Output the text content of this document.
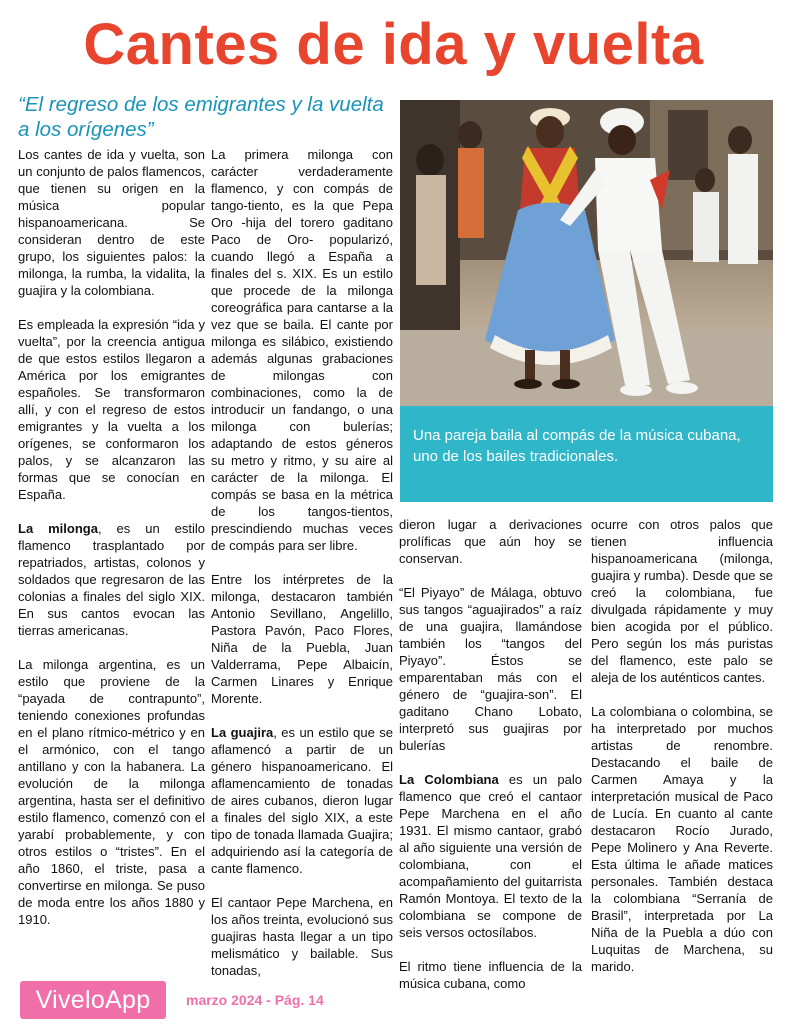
Cantes de ida y vuelta
“El regreso de los emigrantes y la vuelta a los orígenes”

Los cantes de ida y vuelta, son un conjunto de palos flamencos, que tienen su origen en la música popular hispanoamericana. Se consideran dentro de este grupo, los siguientes palos: la milonga, la rumba, la vidalita, la guajira y la colombiana.

Es empleada la expresión “ida y vuelta”, por la creencia antigua de que estos estilos llegaron a América por los emigrantes españoles. Se transformaron allí, y con el regreso de estos emigrantes y la vuelta a los orígenes, se conformaron los palos, y se alcanzaron las formas que se conocían en España.

La milonga, es un estilo flamenco trasplantado por repatriados, artistas, colonos y soldados que regresaron de las colonias a finales del siglo XIX. En sus cantos evocan las tierras americanas.

La milonga argentina, es un estilo que proviene de la “payada de contrapunto”, teniendo conexiones profundas en el plano rítmico-métrico y en el armónico, con el tango antillano y con la habanera. La evolución de la milonga argentina, hasta ser el definitivo estilo flamenco, comenzó con el yarabí probablemente, y con otros estilos o “tristes”. En el año 1860, el triste, pasa a convertirse en milonga. Se puso de moda entre los años 1880 y 1910.

La primera milonga con carácter verdaderamente flamenco, y con compás de tango-tiento, es la que Pepa Oro -hija del torero gaditano Paco de Oro- popularizó, cuando llegó a España a finales del s. XIX. Es un estilo que procede de la milonga coreográfica para cantarse a la vez que se baila. El cante por milonga es silábico, existiendo además algunas grabaciones de milongas con combinaciones, como la de introducir un fandango, o una milonga con bulerías; adaptando de estos géneros su metro y ritmo, y su aire al carácter de la milonga. El compás se basa en la métrica de los tangos-tientos, prescindiendo muchas veces de compás para ser libre.

Entre los intérpretes de la milonga, destacaron también Antonio Sevillano, Angelillo, Pastora Pavón, Paco Flores, Niña de la Puebla, Juan Valderrama, Pepe Albaicín, Carmen Linares y Enrique Morente.

La guajira, es un estilo que se aflamencó a partir de un género hispanoamericano. El aflamencamiento de tonadas de aires cubanos, dieron lugar a finales del siglo XIX, a este tipo de tonada llamada Guajira; adquiriendo así la categoría de cante flamenco.

El cantaor Pepe Marchena, en los años treinta, evolucionó sus guajiras hasta llegar a un tipo melismático y bailable. Sus tonadas,

Una pareja baila al compás de la música cubana, uno de los bailes tradicionales.

dieron lugar a derivaciones prolíficas que aún hoy se conservan.

“El Piyayo” de Málaga, obtuvo sus tangos “aguajirados” a raíz de una guajira, llamándose también los “tangos del Piyayo”. Éstos se emparentaban más con el género de “guajira-son”. El gaditano Chano Lobato, interpretó sus guajiras por bulerías

La Colombiana es un palo flamenco que creó el cantaor Pepe Marchena en el año 1931. El mismo cantaor, grabó al año siguiente una versión de colombiana, con el acompañamiento del guitarrista Ramón Montoya. El texto de la colombiana se compone de seis versos octosílabos.

El ritmo tiene influencia de la música cubana, como

ocurre con otros palos que tienen influencia hispanoamericana (milonga, guajira y rumba). Desde que se creó la colombiana, fue divulgada rápidamente y muy bien acogida por el público. Pero según los más puristas del flamenco, este palo se aleja de los auténticos cantes.

La colombiana o colombina, se ha interpretado por muchos artistas de renombre. Destacando el baile de Carmen Amaya y la interpretación musical de Paco de Lucía. En cuanto al cante destacaron Rocío Jurado, Pepe Molinero y Ana Reverte. Esta última le añade matices personales. También destaca la colombiana “Serranía de Brasil”, interpretada por La Niña de la Puebla a dúo con Luquitas de Marchena, su marido.

ViveloApp	marzo 2024 - Pág. 14
